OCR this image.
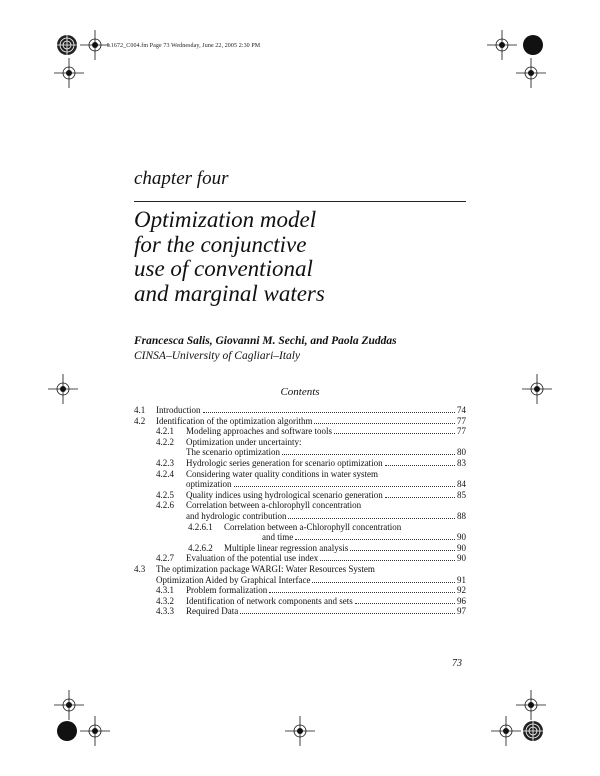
L1672_C004.fm Page 73 Wednesday, June 22, 2005 2:30 PM
chapter four
Optimization model
for the conjunctive
use of conventional
and marginal waters
Francesca Salis, Giovanni M. Sechi, and Paola Zuddas
CINSA–University of Cagliari–Italy
Contents
4.1 Introduction	74
4.2 Identification of the optimization algorithm	77
4.2.1 Modeling approaches and software tools	77
4.2.2 Optimization under uncertainty:
The scenario optimization	80
4.2.3 Hydrologic series generation for scenario optimization	83
4.2.4 Considering water quality conditions in water system
optimization	84
4.2.5 Quality indices using hydrological scenario generation	85
4.2.6 Correlation between a-chlorophyll concentration
and hydrologic contribution	88
4.2.6.1 Correlation between a-Chlorophyll concentration
and time	90
4.2.6.2 Multiple linear regression analysis	90
4.2.7 Evaluation of the potential use index	90
4.3 The optimization package WARGI: Water Resources System
Optimization Aided by Graphical Interface	91
4.3.1 Problem formalization	92
4.3.2 Identification of network components and sets	96
4.3.3 Required Data	97
73
